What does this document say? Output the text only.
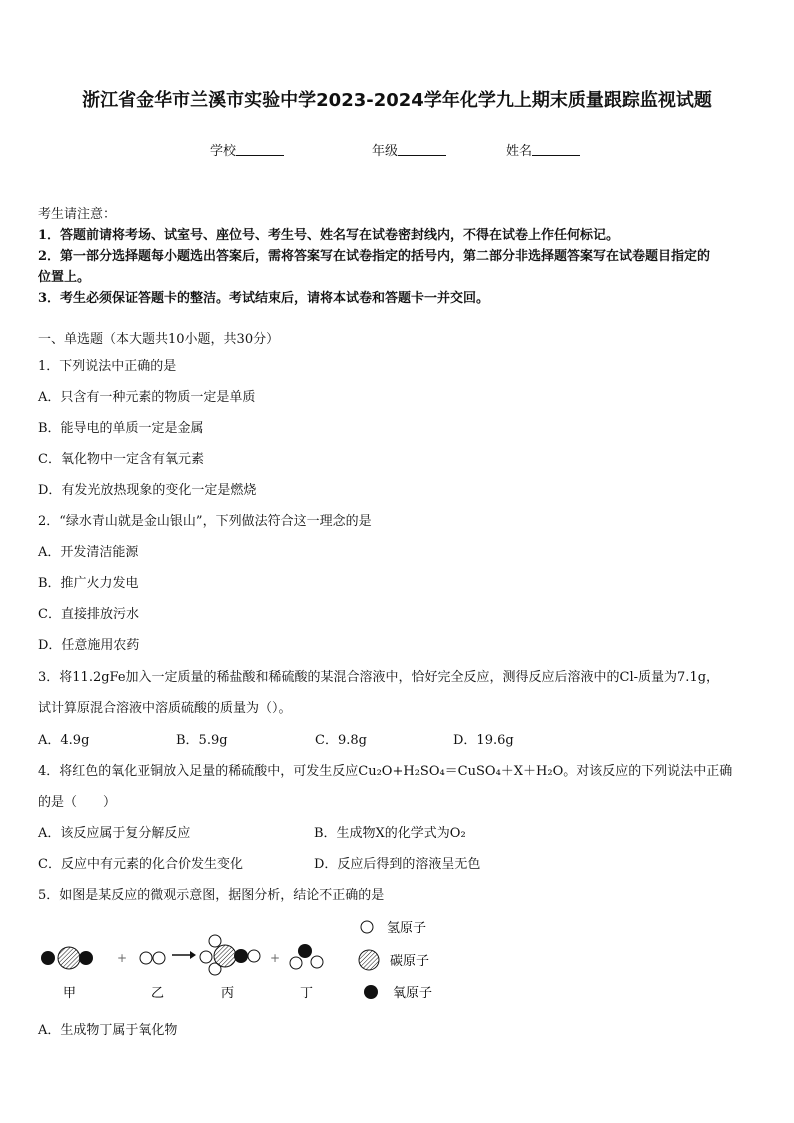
浙江省金华市兰溪市实验中学2023-2024学年化学九上期末质量跟踪监视试题
学校	年级	姓名
考生请注意：
1．答题前请将考场、试室号、座位号、考生号、姓名写在试卷密封线内，不得在试卷上作任何标记。
2．第一部分选择题每小题选出答案后，需将答案写在试卷指定的括号内，第二部分非选择题答案写在试卷题目指定的
位置上。
3．考生必须保证答题卡的整洁。考试结束后，请将本试卷和答题卡一并交回。
一、单选题（本大题共10小题，共30分）
1．下列说法中正确的是
A．只含有一种元素的物质一定是单质
B．能导电的单质一定是金属
C．氧化物中一定含有氧元素
D．有发光放热现象的变化一定是燃烧
2．“绿水青山就是金山银山”，下列做法符合这一理念的是
A．开发清洁能源
B．推广火力发电
C．直接排放污水
D．任意施用农药
3．将11.2gFe加入一定质量的稀盐酸和稀硫酸的某混合溶液中，恰好完全反应，测得反应后溶液中的Cl-质量为7.1g，
试计算原混合溶液中溶质硫酸的质量为（）。
A．4.9g	B．5.9g	C．9.8g	D．19.6g
4．将红色的氧化亚铜放入足量的稀硫酸中，可发生反应Cu₂O+H₂SO₄＝CuSO₄＋X＋H₂O。对该反应的下列说法中正确
的是（　　）
A．该反应属于复分解反应	B．生成物X的化学式为O₂
C．反应中有元素的化合价发生变化	D．反应后得到的溶液呈无色
5．如图是某反应的微观示意图，据图分析，结论不正确的是
+	+
甲	乙	丙	丁
氢原子
碳原子
氧原子
A．生成物丁属于氧化物
